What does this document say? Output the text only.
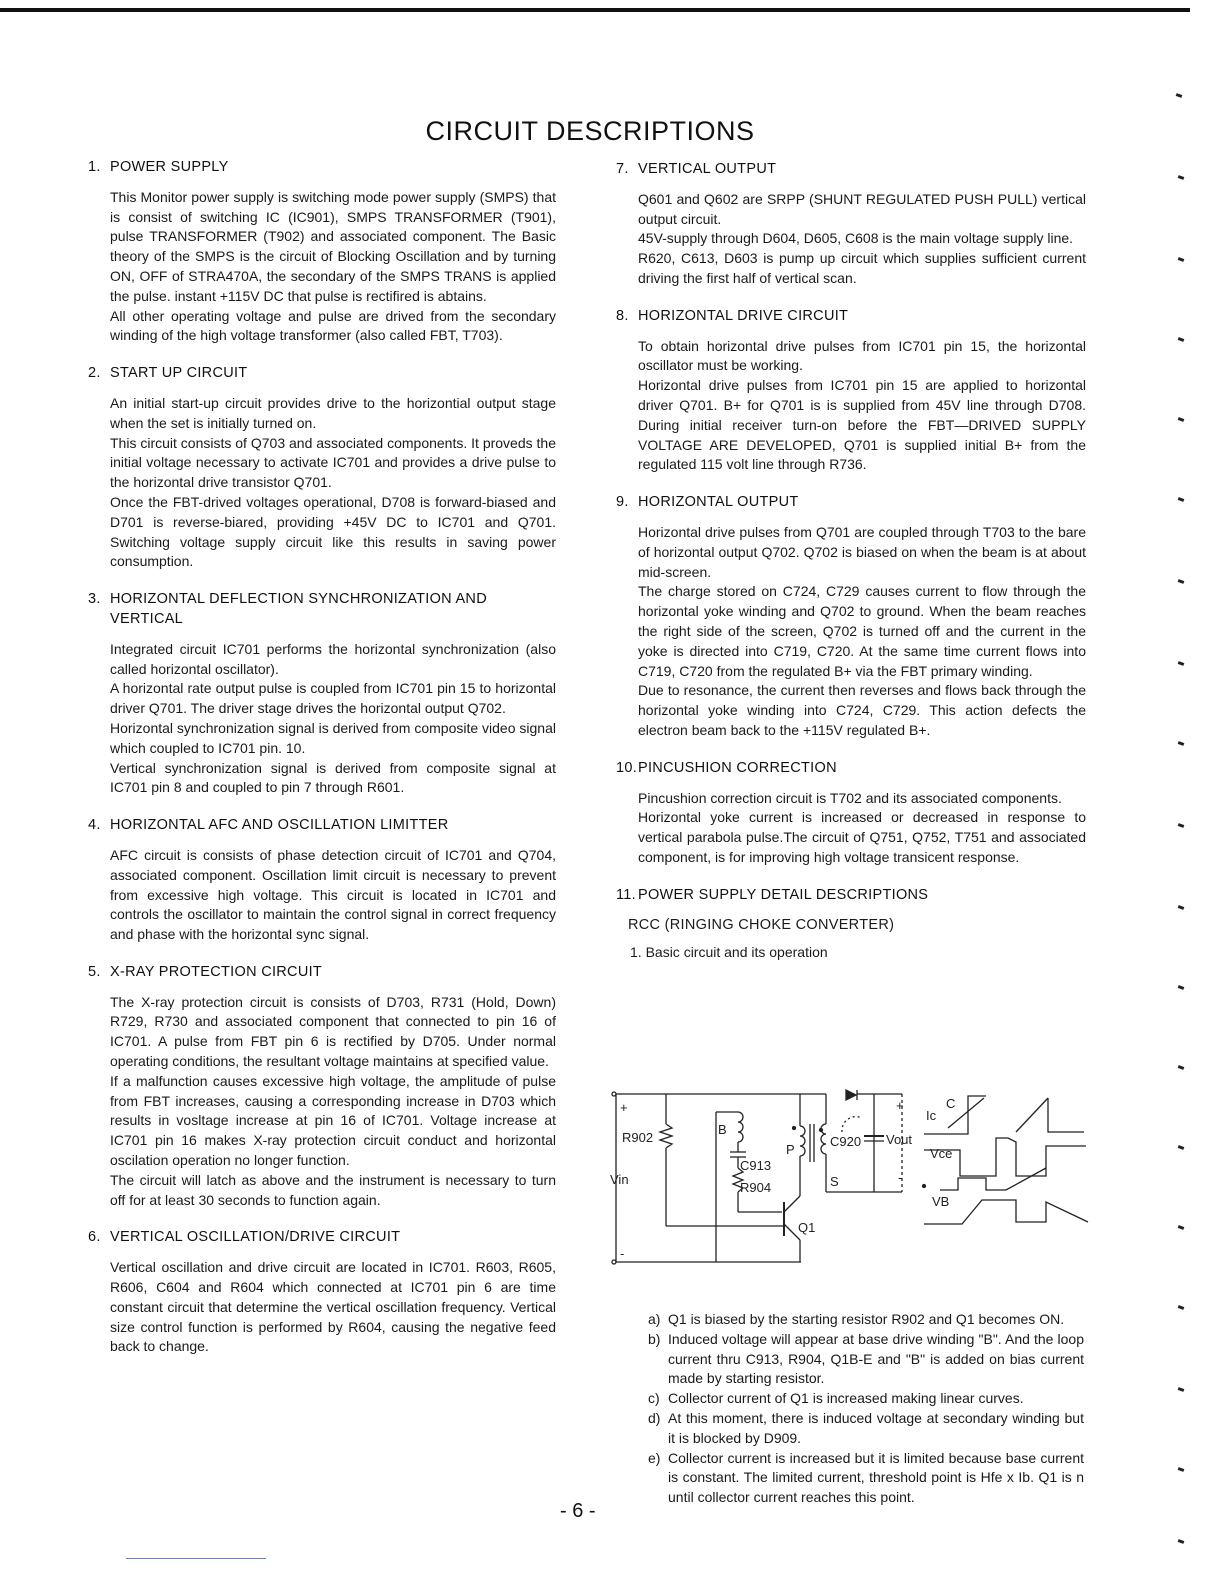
CIRCUIT DESCRIPTIONS
1. POWER SUPPLY

This Monitor power supply is switching mode power supply (SMPS) that is consist of switching IC (IC901), SMPS TRANSFORMER (T901), pulse TRANSFORMER (T902) and associated component. The Basic theory of the SMPS is the circuit of Blocking Oscillation and by turning ON, OFF of STRA470A, the secondary of the SMPS TRANS is applied the pulse. instant +115V DC that pulse is rectifired is abtains.

All other operating voltage and pulse are drived from the secondary winding of the high voltage transformer (also called FBT, T703).

2. START UP CIRCUIT

An initial start-up circuit provides drive to the horizontial output stage when the set is initially turned on.

This circuit consists of Q703 and associated components. It proveds the initial voltage necessary to activate IC701 and provides a drive pulse to the horizontal drive transistor Q701.

Once the FBT-drived voltages operational, D708 is forward-biased and D701 is reverse-biared, providing +45V DC to IC701 and Q701. Switching voltage supply circuit like this results in saving power consumption.

3. HORIZONTAL DEFLECTION SYNCHRONIZATION AND VERTICAL

Integrated circuit IC701 performs the horizontal synchronization (also called horizontal oscillator).

A horizontal rate output pulse is coupled from IC701 pin 15 to horizontal driver Q701. The driver stage drives the horizontal output Q702.

Horizontal synchronization signal is derived from composite video signal which coupled to IC701 pin. 10.

Vertical synchronization signal is derived from composite signal at IC701 pin 8 and coupled to pin 7 through R601.

4. HORIZONTAL AFC AND OSCILLATION LIMITTER

AFC circuit is consists of phase detection circuit of IC701 and Q704, associated component. Oscillation limit circuit is necessary to prevent from excessive high voltage. This circuit is located in IC701 and controls the oscillator to maintain the control signal in correct frequency and phase with the horizontal sync signal.

5. X-RAY PROTECTION CIRCUIT

The X-ray protection circuit is consists of D703, R731 (Hold, Down) R729, R730 and associated component that connected to pin 16 of IC701. A pulse from FBT pin 6 is rectified by D705. Under normal operating conditions, the resultant voltage maintains at specified value.

If a malfunction causes excessive high voltage, the amplitude of pulse from FBT increases, causing a corresponding increase in D703 which results in vosltage increase at pin 16 of IC701. Voltage increase at IC701 pin 16 makes X-ray protection circuit conduct and horizontal oscilation operation no longer function.

The circuit will latch as above and the instrument is necessary to turn off for at least 30 seconds to function again.

6. VERTICAL OSCILLATION/DRIVE CIRCUIT

Vertical oscillation and drive circuit are located in IC701. R603, R605, R606, C604 and R604 which connected at IC701 pin 6 are time constant circuit that determine the vertical oscillation frequency. Vertical size control function is performed by R604, causing the negative feed back to change.

7. VERTICAL OUTPUT

Q601 and Q602 are SRPP (SHUNT REGULATED PUSH PULL) vertical output circuit.

45V-supply through D604, D605, C608 is the main voltage supply line.

R620, C613, D603 is pump up circuit which supplies sufficient current driving the first half of vertical scan.

8. HORIZONTAL DRIVE CIRCUIT

To obtain horizontal drive pulses from IC701 pin 15, the horizontal oscillator must be working.

Horizontal drive pulses from IC701 pin 15 are applied to horizontal driver Q701. B+ for Q701 is is supplied from 45V line through D708. During initial receiver turn-on before the FBT—DRIVED SUPPLY VOLTAGE ARE DEVELOPED, Q701 is supplied initial B+ from the regulated 115 volt line through R736.

9. HORIZONTAL OUTPUT

Horizontal drive pulses from Q701 are coupled through T703 to the bare of horizontal output Q702. Q702 is biased on when the beam is at about mid-screen.

The charge stored on C724, C729 causes current to flow through the horizontal yoke winding and Q702 to ground. When the beam reaches the right side of the screen, Q702 is turned off and the current in the yoke is directed into C719, C720. At the same time current flows into C719, C720 from the regulated B+ via the FBT primary winding.

Due to resonance, the current then reverses and flows back through the horizontal yoke winding into C724, C729. This action defects the electron beam back to the +115V regulated B+.

10. PINCUSHION CORRECTION

Pincushion correction circuit is T702 and its associated components.

Horizontal yoke current is increased or decreased in response to vertical parabola pulse.The circuit of Q751, Q752, T751 and associated component, is for improving high voltage transicent response.

11. POWER SUPPLY DETAIL DESCRIPTIONS
RCC (RINGING CHOKE CONVERTER)
1. Basic circuit and its operation
+
-
R902
Vin
B
P
S
C913
R904
Q1
C920 Vout
+
-
Ic
C
Vce
VB
a) Q1 is biased by the starting resistor R902 and Q1 becomes ON.
b) Induced voltage will appear at base drive winding "B". And the loop current thru C913, R904, Q1B-E and "B" is added on bias current made by starting resistor.
c) Collector current of Q1 is increased making linear curves.
d) At this moment, there is induced voltage at secondary winding but it is blocked by D909.
e) Collector current is increased but it is limited because base current is constant. The limited current, threshold point is Hfe x Ib. Q1 is n until collector current reaches this point.
- 6 -
